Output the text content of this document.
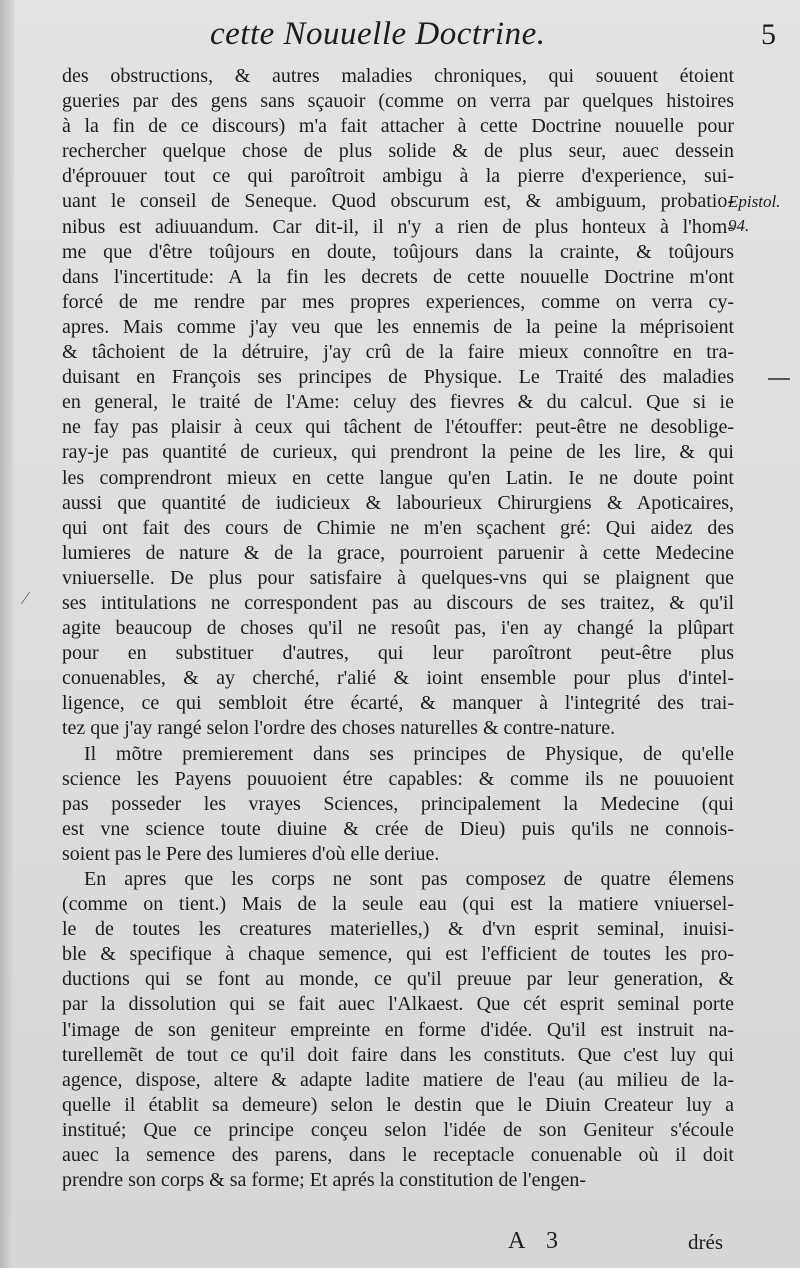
cette Nouuelle Doctrine.	5
Epistol.
94.
⁄
des obstructions, & autres maladies chroniques, qui souuent étoient
gueries par des gens sans sçauoir (comme on verra par quelques histoires
à la fin de ce discours) m'a fait attacher à cette Doctrine nouuelle pour
rechercher quelque chose de plus solide & de plus seur, auec dessein
d'éprouuer tout ce qui paroîtroit ambigu à la pierre d'experience, sui-
uant le conseil de Seneque. Quod obscurum est, & ambiguum, probatio-
nibus est adiuuandum. Car dit-il, il n'y a rien de plus honteux à l'hom-
me que d'être toûjours en doute, toûjours dans la crainte, & toûjours
dans l'incertitude: A la fin les decrets de cette nouuelle Doctrine m'ont
forcé de me rendre par mes propres experiences, comme on verra cy-
apres. Mais comme j'ay veu que les ennemis de la peine la méprisoient
& tâchoient de la détruire, j'ay crû de la faire mieux connoître en tra-
duisant en François ses principes de Physique. Le Traité des maladies
en general, le traité de l'Ame: celuy des fievres & du calcul. Que si ie
ne fay pas plaisir à ceux qui tâchent de l'étouffer: peut-être ne desoblige-
ray-je pas quantité de curieux, qui prendront la peine de les lire, & qui
les comprendront mieux en cette langue qu'en Latin. Ie ne doute point
aussi que quantité de iudicieux & labourieux Chirurgiens & Apoticaires,
qui ont fait des cours de Chimie ne m'en sçachent gré: Qui aidez des
lumieres de nature & de la grace, pourroient paruenir à cette Medecine
vniuerselle. De plus pour satisfaire à quelques-vns qui se plaignent que
ses intitulations ne correspondent pas au discours de ses traitez, & qu'il
agite beaucoup de choses qu'il ne resoût pas, i'en ay changé la plûpart
pour en substituer d'autres, qui leur paroîtront peut-être plus
conuenables, & ay cherché, r'alié & ioint ensemble pour plus d'intel-
ligence, ce qui sembloit étre écarté, & manquer à l'integrité des trai-
tez que j'ay rangé selon l'ordre des choses naturelles & contre-nature.
Il mõtre premierement dans ses principes de Physique, de qu'elle
science les Payens pouuoient étre capables: & comme ils ne pouuoient
pas posseder les vrayes Sciences, principalement la Medecine (qui
est vne science toute diuine & crée de Dieu) puis qu'ils ne connois-
soient pas le Pere des lumieres d'où elle deriue.
En apres que les corps ne sont pas composez de quatre élemens
(comme on tient.) Mais de la seule eau (qui est la matiere vniuersel-
le de toutes les creatures materielles,) & d'vn esprit seminal, inuisi-
ble & specifique à chaque semence, qui est l'efficient de toutes les pro-
ductions qui se font au monde, ce qu'il preuue par leur generation, &
par la dissolution qui se fait auec l'Alkaest. Que cét esprit seminal porte
l'image de son geniteur empreinte en forme d'idée. Qu'il est instruit na-
turellemẽt de tout ce qu'il doit faire dans les constituts. Que c'est luy qui
agence, dispose, altere & adapte ladite matiere de l'eau (au milieu de la-
quelle il établit sa demeure) selon le destin que le Diuin Createur luy a
institué; Que ce principe conçeu selon l'idée de son Geniteur s'écoule
auec la semence des parens, dans le receptacle conuenable où il doit
prendre son corps & sa forme; Et aprés la constitution de l'engen-
A 3	drés
